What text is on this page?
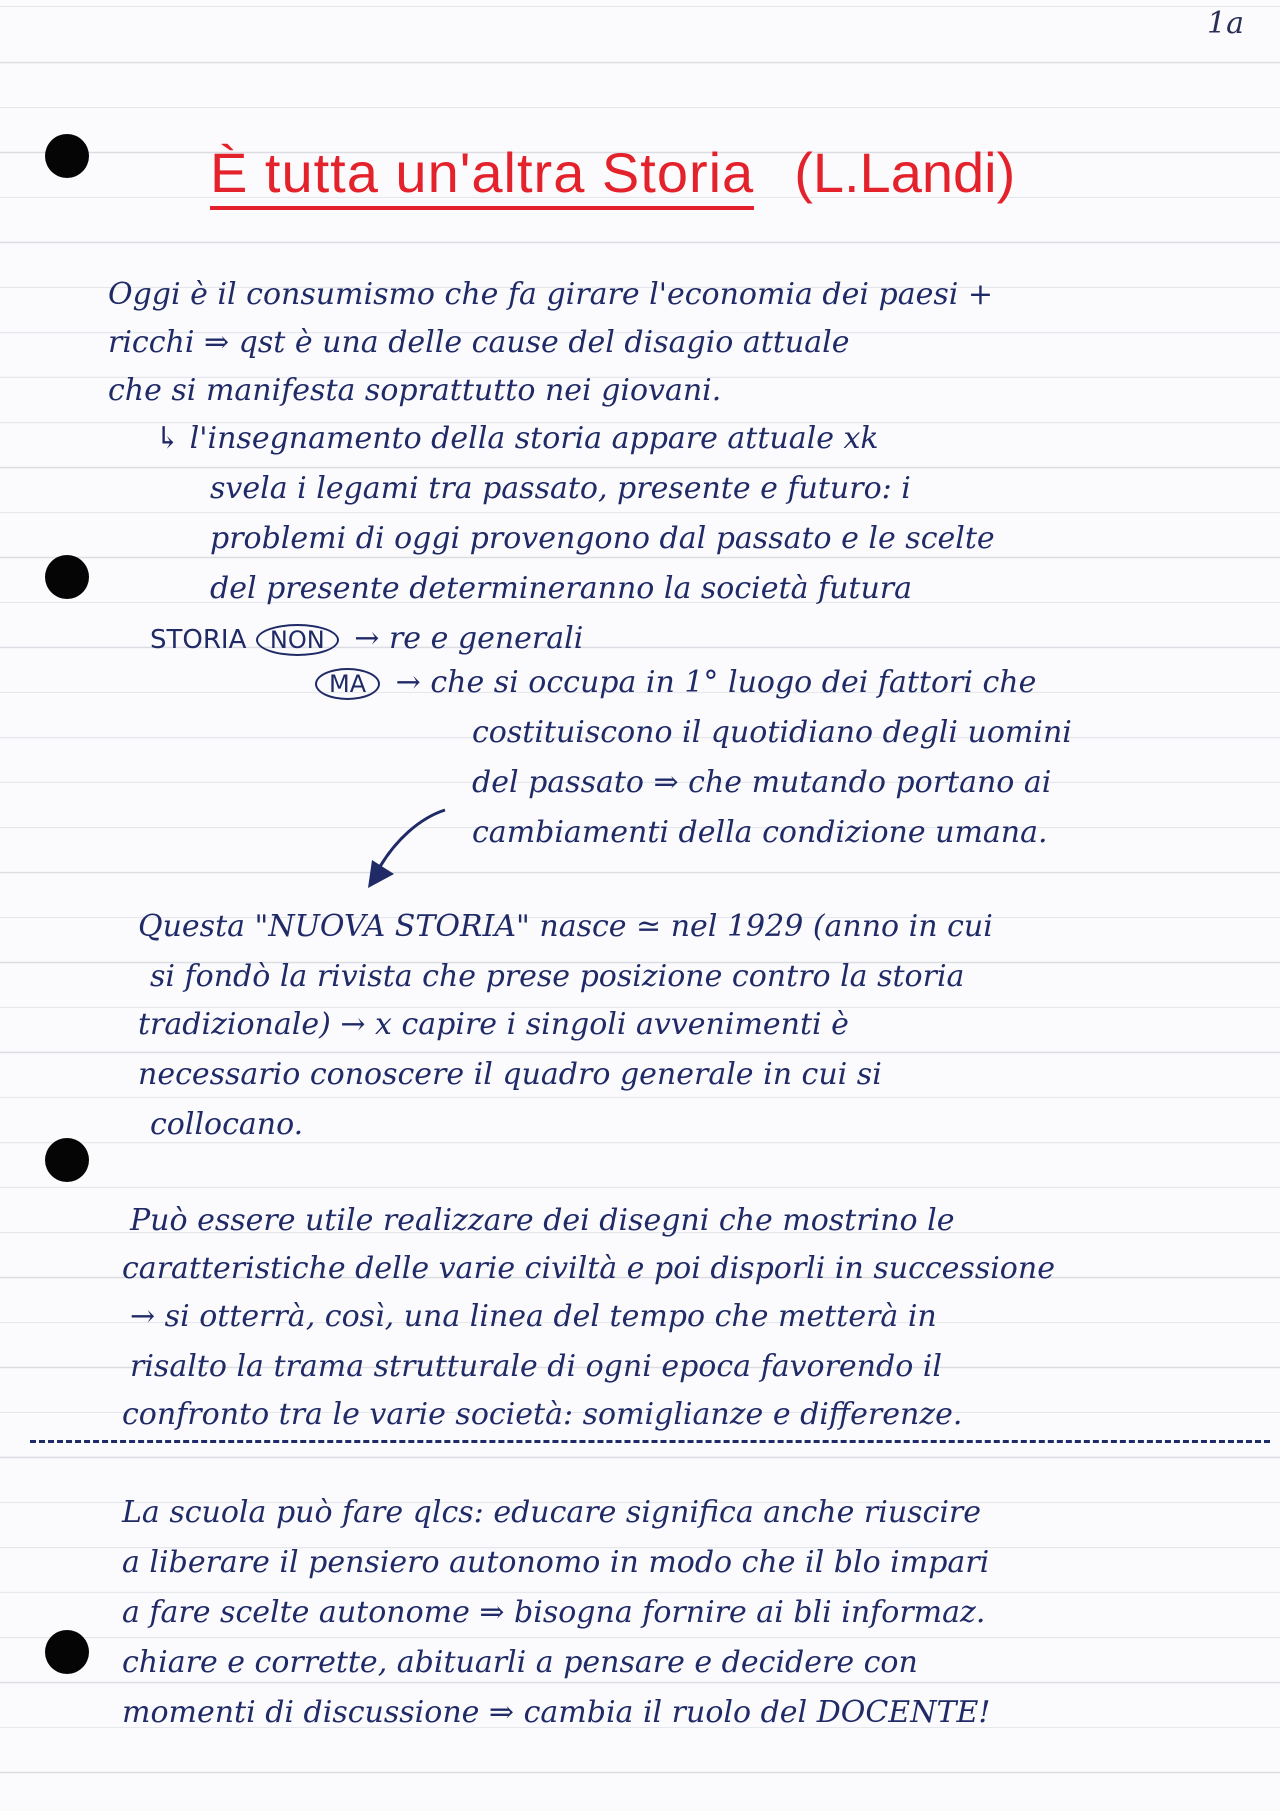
1a
È tutta un'altra Storia (L.Landi)
Oggi è il consumismo che fa girare l'economia dei paesi +
ricchi ⇒ qst è una delle cause del disagio attuale
che si manifesta soprattutto nei giovani.
↳ l'insegnamento della storia appare attuale xk
svela i legami tra passato, presente e futuro: i
problemi di oggi provengono dal passato e le scelte
del presente determineranno la società futura
STORIA NON → re e generali
MA → che si occupa in 1° luogo dei fattori che
costituiscono il quotidiano degli uomini
del passato ⇒ che mutando portano ai
cambiamenti della condizione umana.
Questa "NUOVA STORIA" nasce ≃ nel 1929 (anno in cui
si fondò la rivista che prese posizione contro la storia
tradizionale) → x capire i singoli avvenimenti è
necessario conoscere il quadro generale in cui si
collocano.
Può essere utile realizzare dei disegni che mostrino le
caratteristiche delle varie civiltà e poi disporli in successione
→ si otterrà, così, una linea del tempo che metterà in
risalto la trama strutturale di ogni epoca favorendo il
confronto tra le varie società: somiglianze e differenze.
La scuola può fare qlcs: educare significa anche riuscire
a liberare il pensiero autonomo in modo che il blo impari
a fare scelte autonome ⇒ bisogna fornire ai bli informaz.
chiare e corrette, abituarli a pensare e decidere con
momenti di discussione ⇒ cambia il ruolo del DOCENTE!
